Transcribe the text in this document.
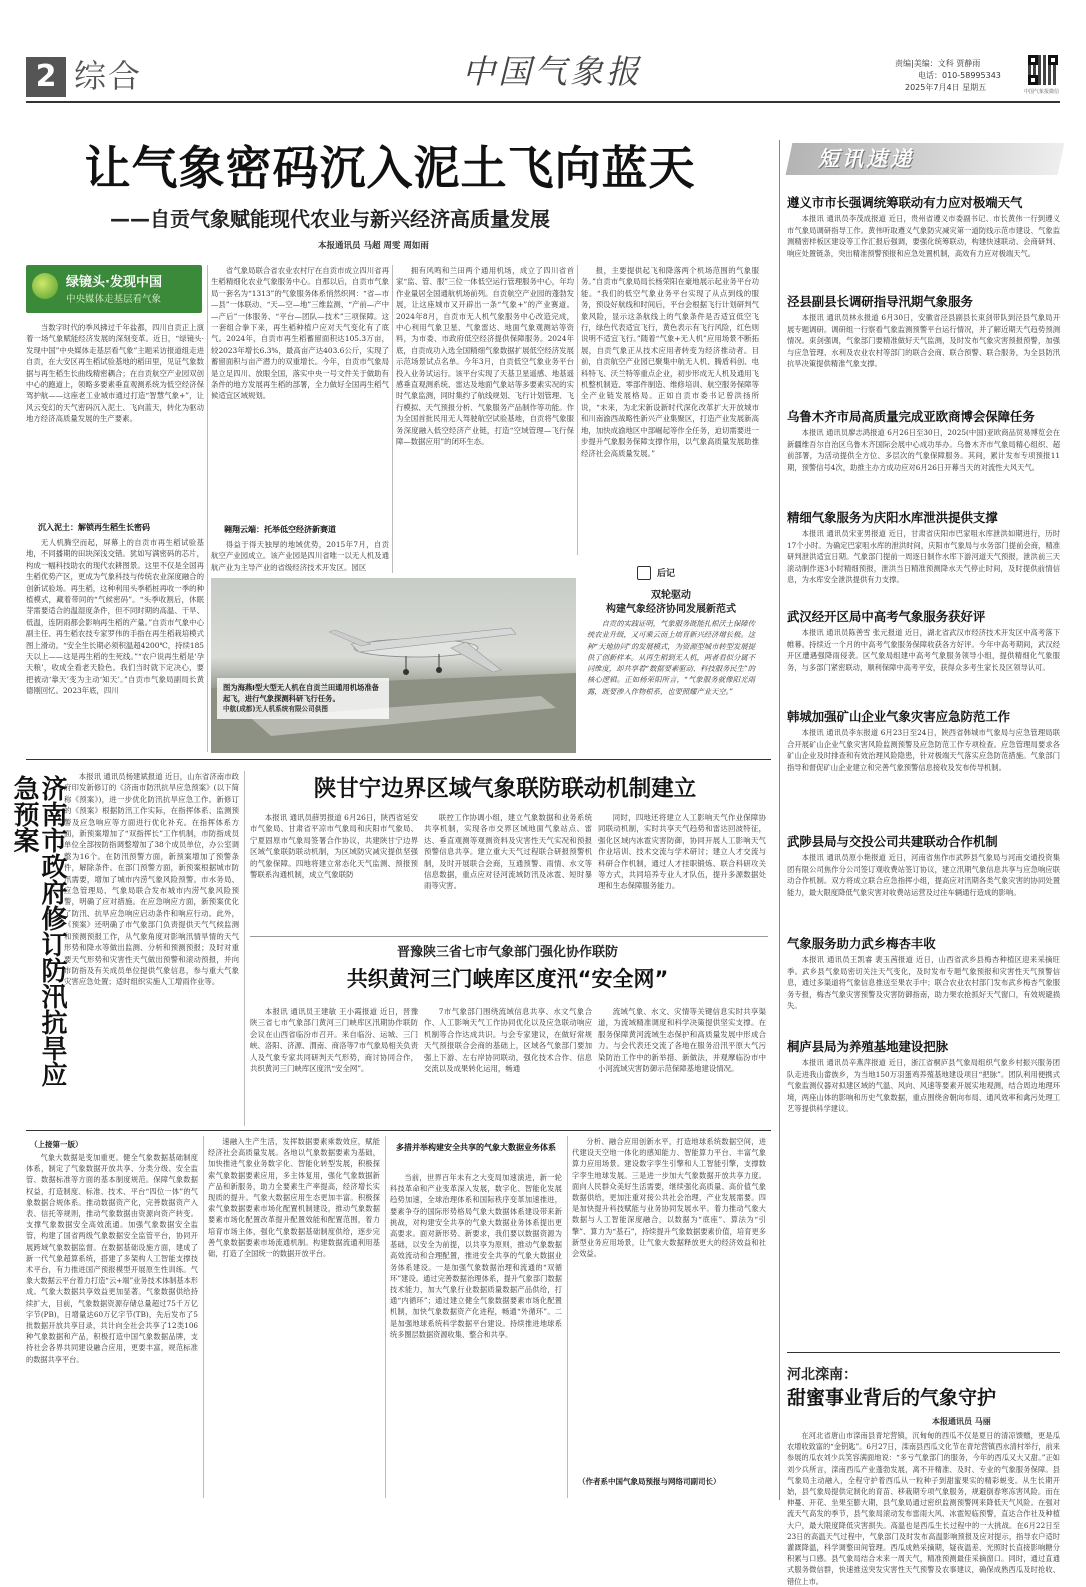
2 综合	中国气象报	责编|美编：文科 贾静雨
电话：010-58995343
2025年7月4日 星期五	中国气象报微信
让气象密码沉入泥土飞向蓝天
——自贡气象赋能现代农业与新兴经济高质量发展
本报通讯员 马超 周雯 周如雨
绿镜头·发现中国
中央媒体走基层看气象

当数字时代的季风拂过千年盐都，四川自贡正上演着一场气象赋能经济发展的深刻变革。近日，“绿镜头·发现中国”中央媒体走基层看气象”主题采访报道组走进自贡，在大安区再生稻试验基地的稻田里，见证气象数据与再生稻生长曲线精密耦合；在自贡航空产业园双创中心的跑道上，领略多要素垂直观测系统为低空经济保驾护航——这座老工业城市通过打造“智慧气象+”，让风云变幻的天气密码沉入泥土、飞向蓝天，转化为驱动地方经济高质量发展的生产要素。

沉入泥土：解锁再生稻生长密码

无人机腾空而起，屏幕上的自贡市再生稻试验基地，不同播期的田块深浅交错。犹如写满密码的芯片，构成一幅科技助农的现代农耕图景。这里不仅是全国再生稻优势产区，更成为气象科技与传统农业深度融合的创新试验场。再生稻，这种利用头季稻桩再收一季的种植模式，藏着带同的“气候密码”。“头季收割后，休眠芽需要适合的温湿度条件，但不同时期的高温、干旱、低温，连阴雨都会影响再生稻的产量。”自贡市气象中心副主任、再生稻农技专家罗伟的手指在再生稻栽培模式图上滑动。“安全生长期必须积温超4200℃，持续185天以上——这是再生稻的生死线。”“农户说再生稻是‘孕天粮’，收成全看老天脸色。我们当时就下定决心，要把被动‘靠天’变为主动‘知天’。”自贡市气象局副局长黄德刚回忆。2023年底，四川

省气象局联合省农业农村厅在自贡市成立四川省再生稻精细化农业气象服务中心。自那以后，自贡市气象局一套名为“1313”的气象服务体系悄然织网：“省—市—县”一体联动、“天—空—地”三维监测、“产前—产中—产后”一体服务、“平台—团队—技术”三项保障。这一套组合拳下来，再生稻种植户应对天气变化有了底气。2024年，自贡市再生稻蓄留面积达105.3万亩，较2023年增长6.3%，最高亩产达403.6公斤，实现了蓄留面积与亩产潜力的双重增长。今年，自贡市气象局是立足四川、放眼全国，落实中央一号文件关于做助有条件的地方发展再生稻的部署，全力做好全国再生稻气候适宜区域规划。

翱翔云端：托举低空经济新赛道

得益于得天独厚的地域优势，2015年7月，自贡航空产业园成立。该产业园是四川省唯一以无人机及通航产业为主导产业的省级经济技术开发区。园区

拥有风鸣和兰田两个通用机场，成立了四川省首家“监、管、服”三位一体低空运行管理服务中心，年均作业量居全国通航机场前列。自贡航空产业园的蓬勃发展，让这座城市又开辟出一条“气象+”的产业赛道。2024年8月，自贡市无人机气象服务中心改造完成，中心利用气象卫星、气象雷达、地面气象观测站等资料，为市委、市政府低空经济提供保障服务。2024年底，自贡成功入选全国精细气象数据扩展低空经济发展示范场景试点名单。今年3月，自贡低空气象业务平台投入业务试运行。该平台实现了天基卫星遥感、地基遥感垂直观测系统、雷达及地面气象站等多要素实况的实时气象监测，同时集约了航线规划、飞行计划管理、飞行模拟、天气预报分析、气象服务产品制作等功能。作为全国首批民用无人驾驶航空试验基地，自贡将气象服务深度融入低空经济产业链，打造“空域管理—飞行保障—数据应用”的闭环生态。

报，主要提供起飞和降落两个机场范围的气象服务。”自贡市气象局局长杨荣阳在豪地展示起业务平台功能。“我们的低空气象业务平台实现了从点到线的服务，预设好航线和时间后，平台会根据飞行计划研判气象风险，显示这条航线上的气象条件是否适宜低空飞行，绿色代表适宜飞行，黄色表示有飞行风险，红色则说明不适宜飞行。”随着“气象+无人机”应用场景不断拓展，自贡气象正从技术应用者转变为经济推动者。目前，自贡航空产业园已聚集中航无人机、腾盾科创、电科特飞、沃兰特等重点企业，初步形成无人机及通用飞机整机制造、零部件制造、维修培训、航空服务保障等全产业链发展格局。正如自贡市委书记曾洪扬所说，“未来，为北宋新设新时代深化改革扩大开放城市和川南渝西战略性新兴产业集聚区，打造产业发展新高地，加快成渝地区中部崛起等作全任务，迫切需要进一步提升气象服务保障支撑作用，以气象高质量发展助推经济社会高质量发展。”

图为海燕Ⅰ型大型无人机在自贡兰田通用机场准备起飞，进行气象探测科研飞行任务。
中航(成都)无人机系统有限公司供图
后记
双轮驱动
构建气象经济协同发展新范式

自贡的实践证明，气象服务既能扎根沃土保障传统农业升级，又可乘云而上培育新兴经济增长极。这种“天地协同”的发展模式，为资源型城市转型发展提供了创新样本。从再生稻到无人机，两者看似分属不同维度，却共享着“数据要素驱动、科技服务民生”的核心逻辑。正如杨荣阳所言，“气象服务就像阳光雨露，既要渗入作物根系，也要照耀产业天空。”

济南市政府修订防汛抗旱应急预案	本报讯 通讯员杨建斌报道 近日，山东省济南市政府印发新修订的《济南市防汛抗旱应急预案》(以下简称《预案》)，进一步优化防汛抗旱应急工作。新修订的《预案》根据防汛工作实际，在指挥体系、监测预警及应急响应等方面进行优化补充。在指挥体系方面，新预案增加了“双指挥长”工作机制，市防指成员单位全部按防指调整增加了38个成员单位，办公室调整为16个。在防汛预警方面，新预案增加了预警条件，解除条件。在部门预警方面，新预案根据城市防汛需要，增加了城市内涝气象风险预警。市水务局、应急管理局、气象局联合发布城市内涝气象风险预警，明确了应对措施。在应急响应方面，新预案优化了防汛、抗旱应急响应启动条件和响应行动。此外，《预案》还明确了市气象部门负责提供天气气候监测和预测预报工作，从气象角度对影响汛情旱情的天气形势和降水等做出监测、分析和预测预报；及时对重要天气形势和灾害性天气做出预警和滚动预报，并向市防指及有关成员单位提供气象信息，参与重大气象灾害应急处置；适时组织实施人工增雨作业等。

陕甘宁边界区域气象联防联动机制建立

本报讯 通讯员薛男报道 6月26日，陕西省延安市气象局、甘肃省平凉市气象局和庆阳市气象局、宁夏固原市气象局签署合作协议，共建陕甘宁边界区域气象联防联动机制，为区域防灾减灾提供坚强的气象保障。四地将建立常态化天气监测、预报预警联系沟通机制，成立气象联防

联控工作协调小组，建立气象数据和业务系统共享机制，实现各市交界区域地面气象站点、雷达、垂直观测等观测资料及灾害性天气实况和预报预警信息共享。建立重大天气过程联合研报预警机制，及时开展联合会商，互通预警、雨情、水文等信息数据，重点应对径河流域防汛及冰雹、短时暴雨等灾害。

同时，四地还将建立人工影响天气作业保障协同联动机制，实时共享天气趋势和雷达回波特征，强化区域内冰雹灾害防御，协同开展人工影响天气作业培训、技术交流与学术研讨；建立人才交流与科研合作机制，通过人才挂职锻炼、联合科研攻关等方式，共同培养专业人才队伍，提升多源数据处理和生态保障服务能力。

晋豫陕三省七市气象部门强化协作联防
共织黄河三门峡库区度汛“安全网”

本报讯 通讯员王建敏 王小霞报道 近日，晋豫陕三省七市气象部门黄河三门峡库区汛期协作联防会议在山西省临汾市召开。来自临汾、运城、三门峡、洛阳、济源、渭南、商洛等7市气象局相关负责人及气象专家共同研判天气形势，商讨协同合作，共织黄河三门峡库区度汛“安全网”。

7市气象部门围绕流域信息共享、水文气象合作、人工影响天气工作协同优化以及应急联动响应机制等合作达成共识。与会专家建议，在做好常规天气预报联合会商的基础上，区域各气象部门要加强上下游、左右岸协同联动，强化技术合作、信息交流以及成果转化运用，畅通

流域气象、水文、灾情等关键信息实时共享渠道，为流域精准调度和科学决策提供坚实支撑。在服务保障黄河流域生态保护和高质量发展中形成合力。与会代表还交流了各地在服务沿汛平原大气污染防治工作中的新举措、新做法，并观摩临汾市中小河流域灾害防御示范保障基地建设情况。

（上接第一版）

气象大数据是变加重更。健全气象数据基础制度体系，制定了气象数据开放共享、分类分级、安全监管、数据标准等方面的基本制度规范。保障气象数据权益，打造制度、标准、技术、平台“四位一体”的气象数据合规体系。推动数据资产化，完善数据资产入表、信托等规则，推动气象数据由资源向资产转变。支撑气象数据安全高效流通。加强气象数据安全监管，构建了国省两级气象数据安全监管平台，协同开展跨域气象数据监督。在数据基础设施方面，建成了新一代气象超算系统，搭建了多架构人工智能支撑技术平台，有力推进国产预报模型开展原生性训练。气象大数据云平台着力打造“云+端”业务技术体制基本形成。气象大数据共享效益更加显著。气象数据供给持续扩大，目前，气象数据资源存储总量超过75千万亿字节(PB)，日增量达60万亿字节(TB)，先后发布了5批数据开放共享目录，共计向全社会共享了12类106种气象数据和产品，积极打造中国气象数据品牌，支持社会各界共同建设融合应用，更要丰富，规范标准的数据共享平台。

速融入生产生活，发挥数据要素乘数效应，赋能经济社会高质量发展。各地以气象数据要素为基础，加快推进气象业务数字化、智能化转型发展，积极探索气象数据要素应用，多主体复用，强化气象数据新产品和新服务，助力全要素生产率提高，经济增长实现质的提升。气象大数据应用生态更加丰富。积极探索气象数据要素市场化配置机制建设，推动气象数据要素市场化配置改革提升配置效能和配置范围，着力培育市场主体，强化气象数据基础制度供给，逐步完善气象数据要素市场流通机制。构建数据流通利用基础，打造了全国统一的数据开放平台。

多措并举构建安全共享的气象大数据业务体系

当前，世界百年未有之大变局加速演进，新一轮科技革命和产业变革深入发展，数字化、智能化发展趋势加速，全球治理体系和国际秩序变革加速推进，要素争夺的国际形势格局气象大数据体系建设带来新挑战，对构建安全共享的气象大数据业务体系提出更高要求。面对新形势、新要求，我们要以数据资源为基础，以安全为前提，以共享为原则，推动气象数据高效流动和合理配置，推进安全共享的气象大数据业务体系建设。一是加强气象数据治理和流通的“双循环”建设。通过完善数据治理体系，提升气象部门数据技术能力，加大气象行业数据质量数据产品供给，打通“内循环”；通过建立健全气象数据要素市场化配置机制，加快气象数据资产化进程，畅通“外循环”。二是加强地球系统科学数据平台建设。持续推进地球系统多圈层数据资源收集、整合和共享。

分析、融合应用创新水平，打造地球系统数据空间，进代建设天空地一体化的感知能力、智能算力平台、丰富气象算力应用场景。建设数字孪生引擎和人工智能引擎，支撑数字孪生地球发展。三是进一步加大气象数据开放共享力度。面向人民群众美好生活需要，继续强化高质量、高价值气象数据供给，更加注重对接公共社会治理，产业发展需要。四是加快提升科技赋能与业务协同发展水平。着力推动气象大数据与人工智能深度融合，以数据为“底座”、算法为“引擎”、算力为“基石”，持续提升气象数据要素价值，培育更多新型业务应用场景，让气象大数据释放更大的经济效益和社会效益。

（作者系中国气象局预报与网络司副司长）
短讯速递
遵义市市长强调统筹联动有力应对极端天气

本报讯 通讯员李茂成报道 近日，贵州省遵义市委副书记、市长黄伟一行到遵义市气象局调研指导工作。黄伟听取遵义气象防灾减灾第一道防线示范市建设、气象监测精密样板区建设等工作汇报后强调，要强化统筹联动，构建快速联动、会商研判、响应处置链条，突出精准预警预报和应急处置机制，高效有力应对极端天气。

泾县副县长调研指导汛期气象服务

本报讯 通讯员林永报道 6月30日，安徽省泾县副县长束剑带队到泾县气象局开展专题调研。调研组一行察看气象监测预警平台运行情况，并了解近期天气趋势预测情况。束剑强调，气象部门要精准做好天气监测，及时发布气象灾害预报预警，加强与应急管理、水利及农业农村等部门的联合会商、联合预警、联合服务，为全县防汛抗旱决策提供精准气象支撑。

乌鲁木齐市局高质量完成亚欧商博会保障任务

本报讯 通讯员廖志鸿报道 6月26日至30日，2025(中国)亚欧商品贸易博览会在新疆维吾尔自治区乌鲁木齐国际会展中心成功举办。乌鲁木齐市气象局精心组织、超前部署，为活动提供全方位、多层次的气象保障服务。其间，累计发布专项预报11期，预警信号4次，助推主办方成功应对6月26日开幕当天的对流性大风天气。

精细气象服务为庆阳水库泄洪提供支撑

本报讯 通讯员宋亚男报道 近日，甘肃省庆阳市巴家咀水库泄洪如期进行，历时17个小时。为确定巴家咀水库的泄洪时间，庆阳市气象局与水务部门提前会商，精准研判泄洪适宜日期。气象部门提前一周逐日制作水库下游河道天气预报，泄洪前三天滚动制作逐3小时精细预报，泄洪当日精准预测降水天气停止时间，及时提供前情信息，为水库安全泄洪提供有力支撑。

武汉经开区局中高考气象服务获好评

本报讯 通讯员陈善雪 张元报道 近日，湖北省武汉市经济技术开发区中高考落下帷幕。持续近一个月的中高考气象服务保障收获各方好评。今年中高考期间，武汉经开区遭遇强降雨侵袭。区气象局组建中高考气象服务领导小组，提供精细化气象服务，与多部门紧密联动，顺利保障中高考平安，获得众多考生家长及区领导认可。

韩城加强矿山企业气象灾害应急防范工作

本报讯 通讯员李东报道 6月23日至24日，陕西省韩城市气象局与应急管理局联合开展矿山企业气象灾害风险监测预警及应急防范工作专项检查。应急管理局要求各矿山企业及时排查和有效治理风险隐患，针对极端天气落实应急防范措施。气象部门指导和督促矿山企业建立和完善气象预警信息接收及发布传导机制。

武陟县局与交投公司共建联动合作机制

本报讯 通讯员原小艳报道 近日，河南省焦作市武陟县气象局与河南交通投资集团有限公司焦作分公司签订观收费站签订协议，建立汛期气象信息共享与应急响应联动合作机制。双方将成立联合应急指挥小组，提高应对汛期各类气象灾害的协同处置能力，最大限度降低气象灾害对收费站运营及过往车辆通行造成的影响。

气象服务助力武乡梅杏丰收

本报讯 通讯员王凯睿 裴玉茜报道 近日，山西省武乡县梅杏种植区迎来采摘旺季。武乡县气象局密切关注天气变化，及时发布专题气象预报和灾害性天气预警信息，通过多渠道将气象信息推送至果农手中；联合农业农村部门发布武乡梅杏气象服务专报，梅杏气象灾害预警及灾害防御指南，助力果农抢抓好天气窗口，有效规避损失。

桐庐县局为养殖基地建设把脉

本报讯 通讯员辛燕萍报道 近日，浙江省桐庐县气象局组织气象乡村振兴服务团队走进我山畲族乡，为当地150万羽蛋鸡养殖基地建设项目“把脉”。团队利用便携式气象监测仪器对拟建区域的气温、风向、风速等要素开展实地观测，结合周边地理环境，两座山体的影响和历史气象数据，重点围绕舍朝向布局、通风效率和禽污处理工艺等提供科学建议。

河北滦南：
甜蜜事业背后的气象守护
本报通讯员 马丽

在河北省唐山市滦南县青坨营镇，沉甸甸的西瓜不仅是夏日的清凉馈赠，更是瓜农增收致富的“金钥匙”。6月27日，滦南县西瓜文化节在青坨营镇西水清村举行，前来参展的瓜农刘少兵笑容满面地说：“多亏气象部门的服务，今年的西瓜又大又甜。”正如刘少兵所言，滦南西瓜产业蓬勃发展，离不开精准、及时、专业的气象服务保障。县气象局主动融入，全程守护着西瓜从一粒种子到甜蜜果实的精彩蜕变。从生长期开始，县气象局提供定制化的育苗、移栽期专项气象服务，规避倒春寒冻害风险。而在伸蔓、开花、坐果至膨大期，县气象局通过密织监测预警网来降低天气风险。在强对流天气高发的季节，县气象局滚动发布雷雨大风、冰雹短临预警，直达合作社及种植大户，最大限度降低灾害损失。高温也是西瓜生长过程中的一大挑战。在6月22日至23日的高温天气过程中，气象部门及时发布高温影响预报及应对提示，指导农户适时灌溉降温，科学调整田间管理。西瓜成熟采摘期，疑夜温差、光照时长直接影响糖分积累与口感。县气象局结合未来一周天气，精准预测最佳采摘窗口。同时，通过直通式服务微信群，快速推送突发灾害性天气预警及农事建议，确保成熟西瓜及时抢收、错位上市。
